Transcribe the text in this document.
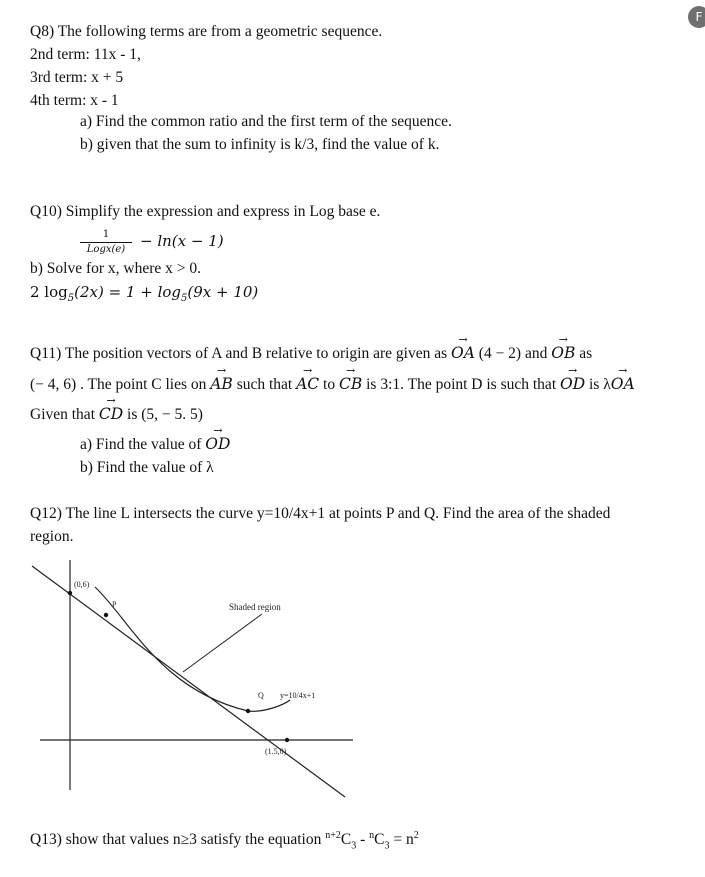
F
Q8) The following terms are from a geometric sequence.
2nd term: 11x - 1,
3rd term: x + 5
4th term: x - 1
a) Find the common ratio and the first term of the sequence.
b) given that the sum to infinity is k/3, find the value of k.
Q10) Simplify the expression and express in Log base e.
1
Logx(e) − ln(x − 1)
b) Solve for x, where x > 0.
2 $\log_5(2x) = 1 + \log_5(9x + 10)$
Q11) The position vectors of A and B relative to origin are given as → OA (4 − 2) and → OB as
(− 4, 6) . The point C lies on → AB such that → AC to → CB is 3:1. The point D is such that → OD is λ→ OA
Given that → CD is (5, − 5. 5)
a) Find the value of → OD
b) Find the value of λ
Q12) The line L intersects the curve y=10/4x+1 at points P and Q. Find the area of the shaded
region.
(0,6)
P	Shaded region
Q y=10/4x+1
(1.5,0)
Q13) show that values n≥3 satisfy the equation $^{n+2}C_3 - ^nC_3 = n^2$
